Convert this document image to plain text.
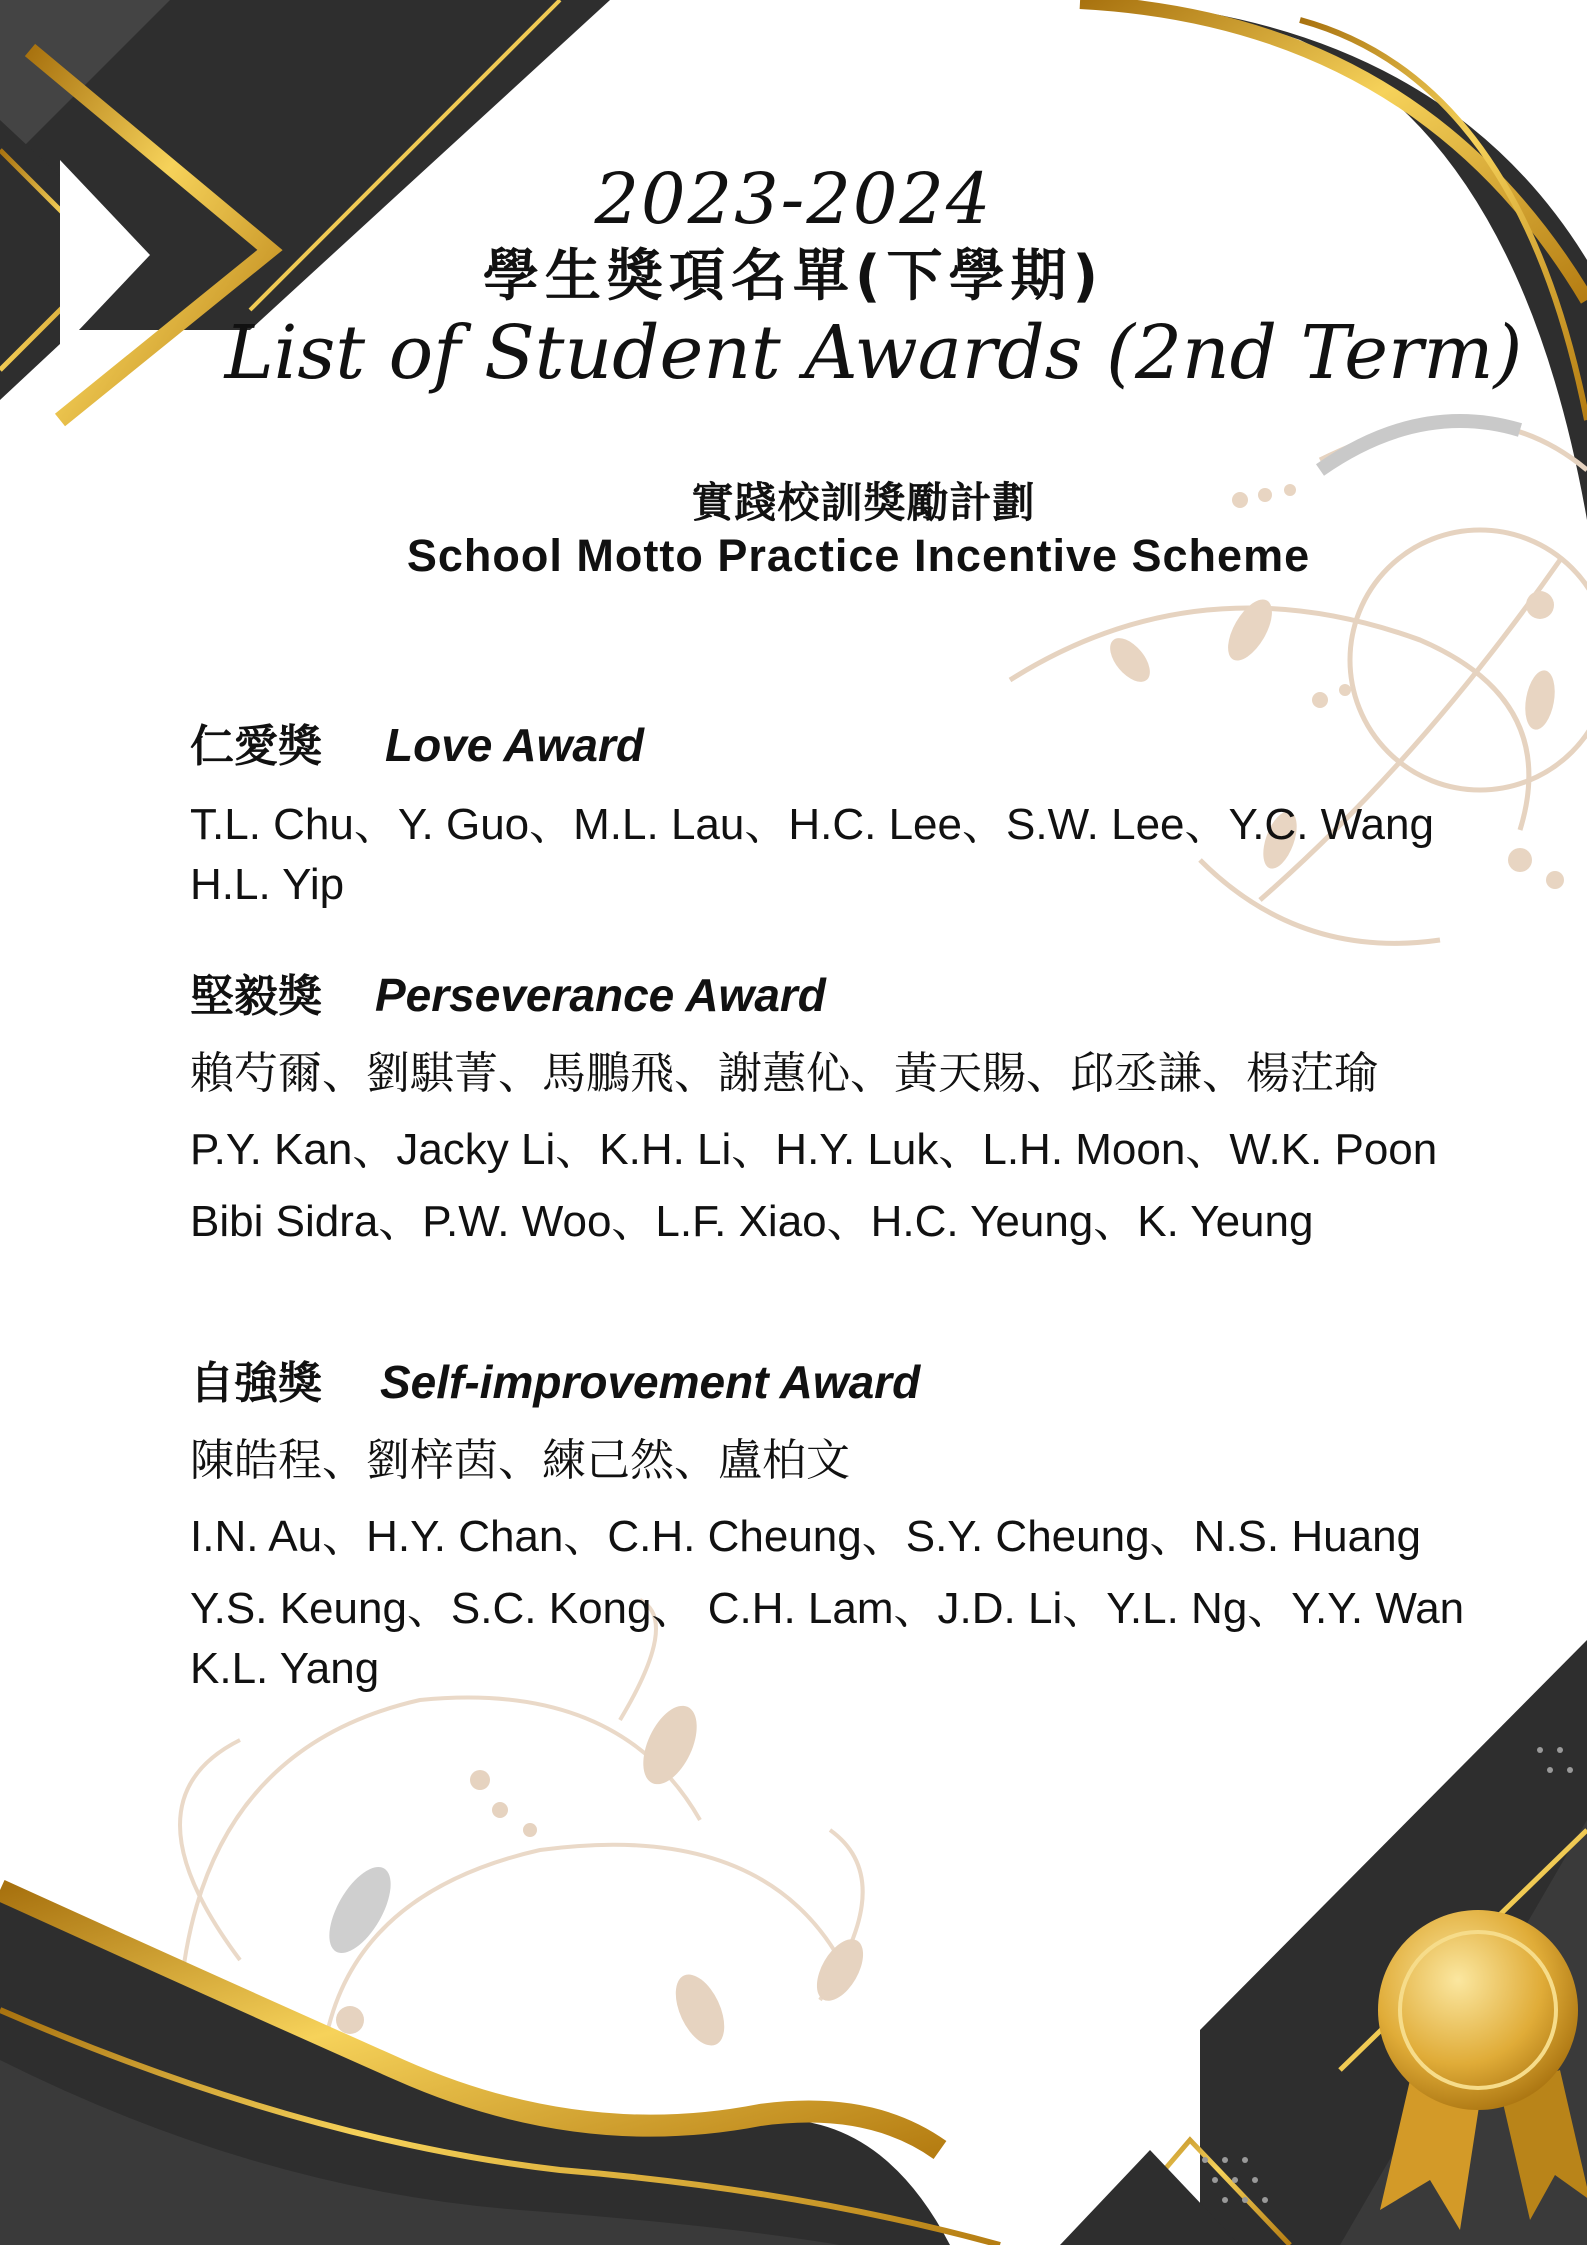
2023-2024
學生獎項名單(下學期)
List of Student Awards (2nd Term)
實踐校訓獎勵計劃
School Motto Practice Incentive Scheme
仁愛獎 Love Award
T.L. Chu、Y. Guo、M.L. Lau、H.C. Lee、S.W. Lee、Y.C. Wang
H.L. Yip
堅毅獎 Perseverance Award
賴芍爾、劉騏菁、馬鵬飛、謝蕙伈、黃天賜、邱丞謙、楊茳瑜
P.Y. Kan、Jacky Li、K.H. Li、H.Y. Luk、L.H. Moon、W.K. Poon
Bibi Sidra、P.W. Woo、L.F. Xiao、H.C. Yeung、K. Yeung
自強獎 Self-improvement Award
陳皓程、劉梓茵、練己然、盧柏文
I.N. Au、H.Y. Chan、C.H. Cheung、S.Y. Cheung、N.S. Huang
Y.S. Keung、S.C. Kong、 C.H. Lam、J.D. Li、Y.L. Ng、Y.Y. Wan
K.L. Yang
